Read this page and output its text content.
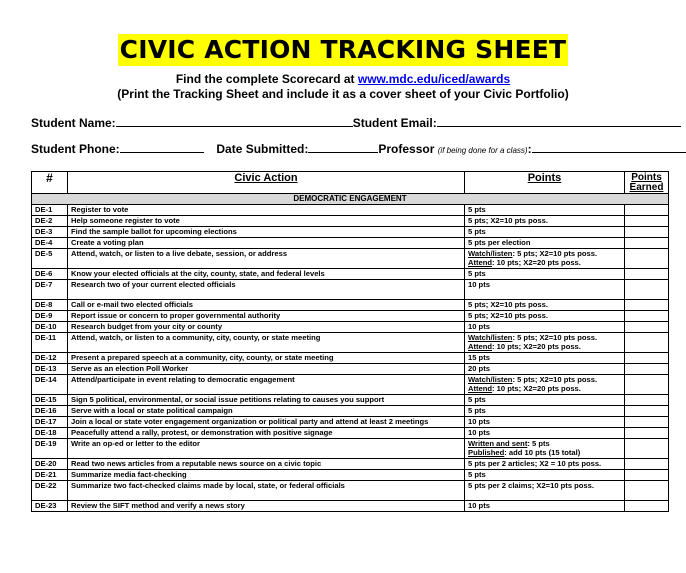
CIVIC ACTION TRACKING SHEET
Find the complete Scorecard at www.mdc.edu/iced/awards
(Print the Tracking Sheet and include it as a cover sheet of your Civic Portfolio)
Student Name:	Student Email:
Student Phone:	Date Submitted:	Professor (if being done for a class):
#	Civic Action	Points	Points
Earned
DEMOCRATIC ENGAGEMENT			
DE-1	Register to vote	5 pts	

DE-2	Help someone register to vote	5 pts; X2=10 pts poss.	

DE-3	Find the sample ballot for upcoming elections	5 pts	

DE-4	Create a voting plan	5 pts per election	

DE-5	Attend, watch, or listen to a live debate, session, or address	Watch/listen: 5 pts; X2=10 pts poss.
Attend: 10 pts; X2=20 pts poss.	

DE-6	Know your elected officials at the city, county, state, and federal levels	5 pts	

DE-7	Research two of your current elected officials	10 pts	

DE-8	Call or e-mail two elected officials	5 pts; X2=10 pts poss.	

DE-9	Report issue or concern to proper governmental authority	5 pts; X2=10 pts poss.	

DE-10	Research budget from your city or county	10 pts	

DE-11	Attend, watch, or listen to a community, city, county, or state meeting	Watch/listen: 5 pts; X2=10 pts poss.
Attend: 10 pts; X2=20 pts poss.	

DE-12	Present a prepared speech at a community, city, county, or state meeting	15 pts	

DE-13	Serve as an election Poll Worker	20 pts	

DE-14	Attend/participate in event relating to democratic engagement	Watch/listen: 5 pts; X2=10 pts poss.
Attend: 10 pts; X2=20 pts poss.	

DE-15	Sign 5 political, environmental, or social issue petitions relating to causes you support	5 pts	

DE-16	Serve with a local or state political campaign	5 pts	

DE-17	Join a local or state voter engagement organization or political party and attend at least 2 meetings	10 pts	

DE-18	Peacefully attend a rally, protest, or demonstration with positive signage	10 pts	

DE-19	Write an op-ed or letter to the editor	Written and sent: 5 pts
Published: add 10 pts (15 total)	

DE-20	Read two news articles from a reputable news source on a civic topic	5 pts per 2 articles; X2 = 10 pts poss.	

DE-21	Summarize media fact-checking	5 pts	

DE-22	Summarize two fact-checked claims made by local, state, or federal officials	5 pts per 2 claims; X2=10 pts poss.	

DE-23	Review the SIFT method and verify a news story	10 pts	
